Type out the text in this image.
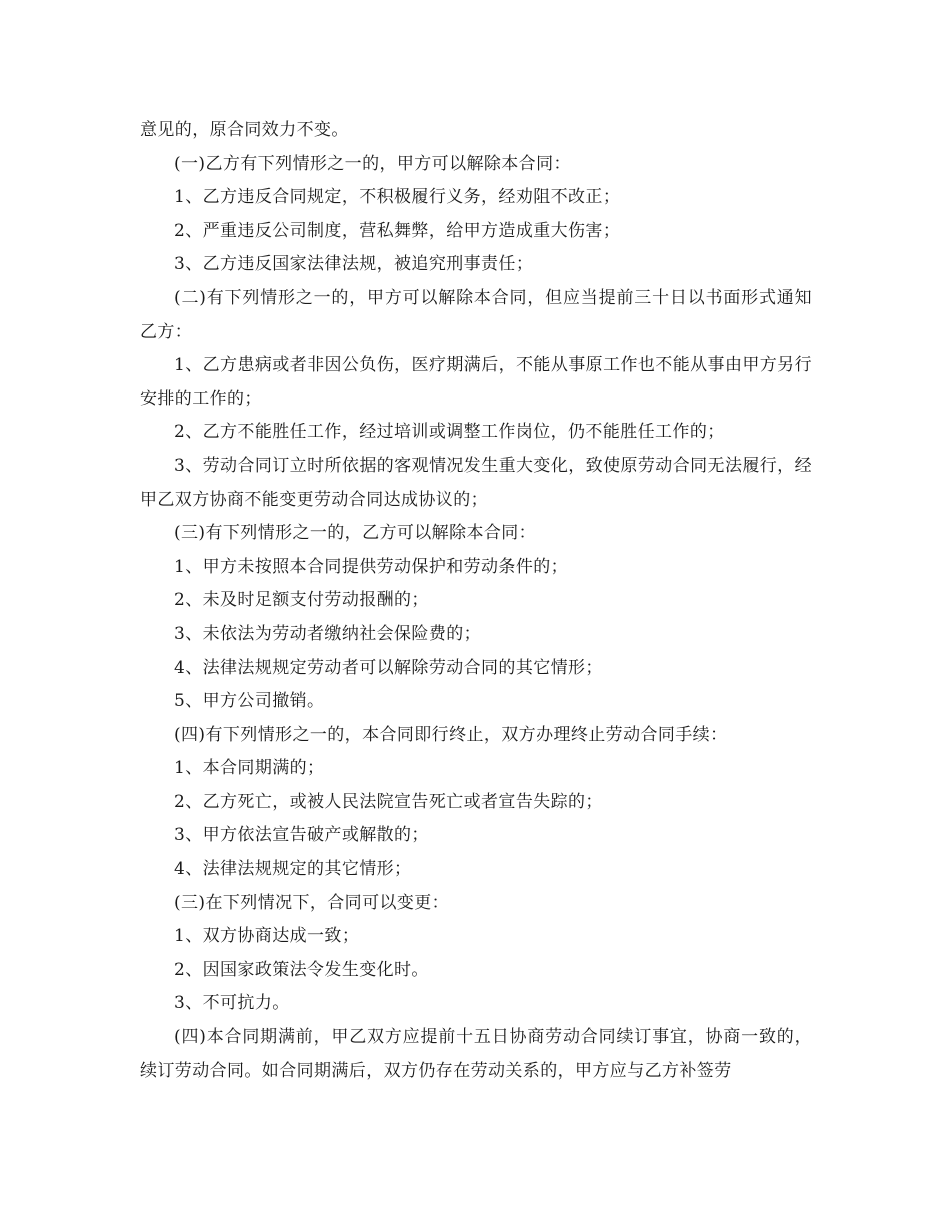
意见的，原合同效力不变。

(一)乙方有下列情形之一的，甲方可以解除本合同：

1、乙方违反合同规定，不积极履行义务，经劝阻不改正；

2、严重违反公司制度，营私舞弊，给甲方造成重大伤害；

3、乙方违反国家法律法规，被追究刑事责任；

(二)有下列情形之一的，甲方可以解除本合同，但应当提前三十日以书面形式通知乙方：

1、乙方患病或者非因公负伤，医疗期满后，不能从事原工作也不能从事由甲方另行安排的工作的；

2、乙方不能胜任工作，经过培训或调整工作岗位，仍不能胜任工作的；

3、劳动合同订立时所依据的客观情况发生重大变化，致使原劳动合同无法履行，经甲乙双方协商不能变更劳动合同达成协议的；

(三)有下列情形之一的，乙方可以解除本合同：

1、甲方未按照本合同提供劳动保护和劳动条件的；

2、未及时足额支付劳动报酬的；

3、未依法为劳动者缴纳社会保险费的；

4、法律法规规定劳动者可以解除劳动合同的其它情形；

5、甲方公司撤销。

(四)有下列情形之一的，本合同即行终止，双方办理终止劳动合同手续：

1、本合同期满的；

2、乙方死亡，或被人民法院宣告死亡或者宣告失踪的；

3、甲方依法宣告破产或解散的；

4、法律法规规定的其它情形；

(三)在下列情况下，合同可以变更：

1、双方协商达成一致；

2、因国家政策法令发生变化时。

3、不可抗力。

(四)本合同期满前，甲乙双方应提前十五日协商劳动合同续订事宜，协商一致的，续订劳动合同。如合同期满后，双方仍存在劳动关系的，甲方应与乙方补签劳
